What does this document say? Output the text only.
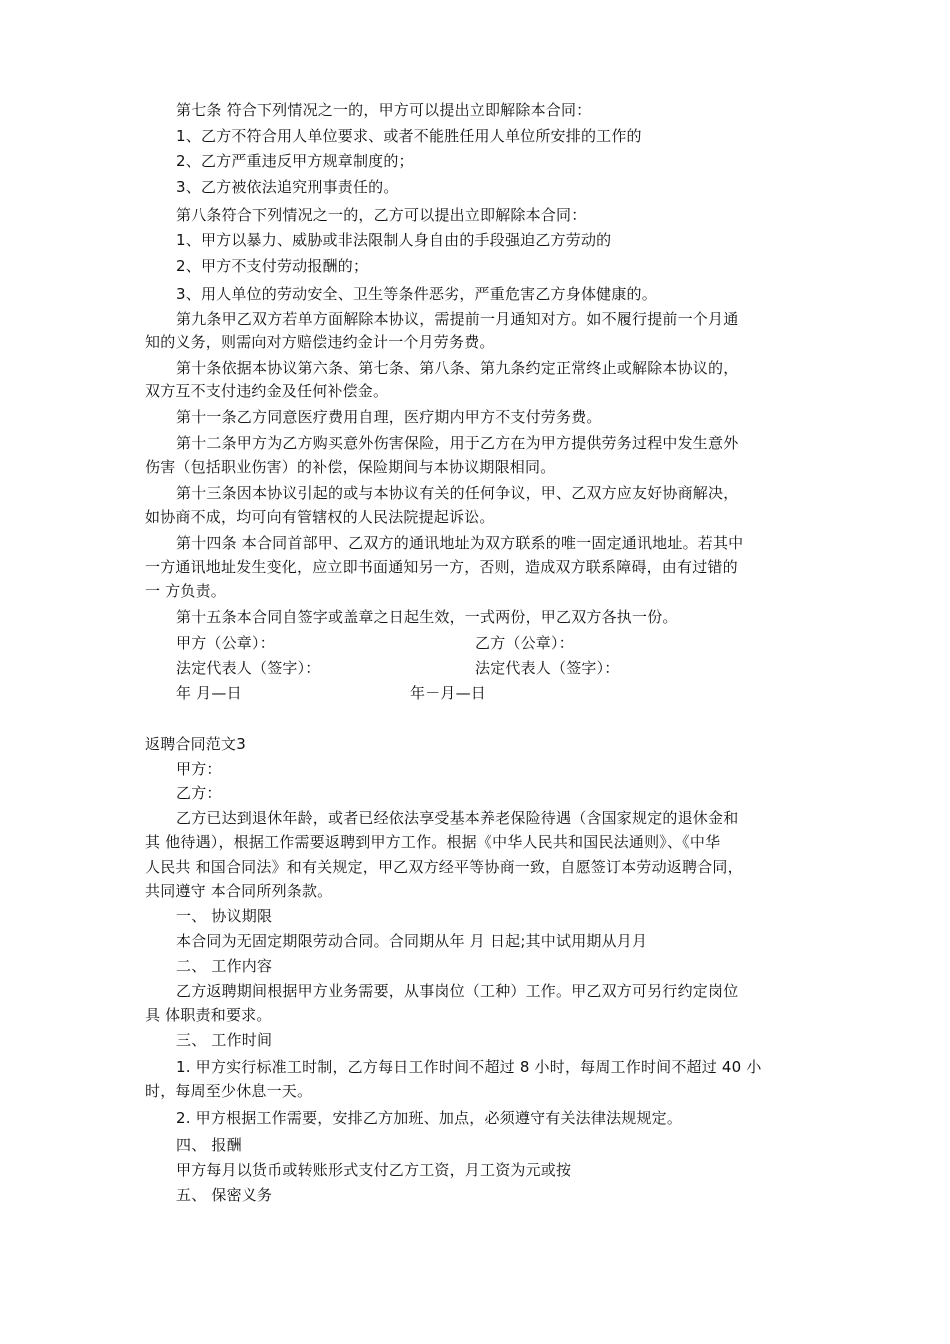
第七条 符合下列情况之一的，甲方可以提出立即解除本合同：
1、乙方不符合用人单位要求、或者不能胜任用人单位所安排的工作的
2、乙方严重违反甲方规章制度的；
3、乙方被依法追究刑事责任的。
第八条符合下列情况之一的，乙方可以提出立即解除本合同：
1、甲方以暴力、威胁或非法限制人身自由的手段强迫乙方劳动的
2、甲方不支付劳动报酬的；
3、用人单位的劳动安全、卫生等条件恶劣，严重危害乙方身体健康的。
第九条甲乙双方若单方面解除本协议，需提前一月通知对方。如不履行提前一个月通
知的义务，则需向对方赔偿违约金计一个月劳务费。
第十条依据本协议第六条、第七条、第八条、第九条约定正常终止或解除本协议的，
双方互不支付违约金及任何补偿金。
第十一条乙方同意医疗费用自理，医疗期内甲方不支付劳务费。
第十二条甲方为乙方购买意外伤害保险，用于乙方在为甲方提供劳务过程中发生意外
伤害（包括职业伤害）的补偿，保险期间与本协议期限相同。
第十三条因本协议引起的或与本协议有关的任何争议，甲、乙双方应友好协商解决，
如协商不成，均可向有管辖权的人民法院提起诉讼。
第十四条 本合同首部甲、乙双方的通讯地址为双方联系的唯一固定通讯地址。若其中
一方通讯地址发生变化，应立即书面通知另一方，否则，造成双方联系障碍，由有过错的
一 方负责。
第十五条本合同自签字或盖章之日起生效，一式两份，甲乙双方各执一份。
甲方（公章）：	乙方（公章）：
法定代表人（签字）：	法定代表人（签字）：
年 月—日	年－月—日
返聘合同范文3
甲方：
乙方：
乙方已达到退休年龄，或者已经依法享受基本养老保险待遇（含国家规定的退休金和
其 他待遇），根据工作需要返聘到甲方工作。根据《中华人民共和国民法通则》、《中华
人民共 和国合同法》和有关规定，甲乙双方经平等协商一致，自愿签订本劳动返聘合同，
共同遵守 本合同所列条款。
一、 协议期限
本合同为无固定期限劳动合同。合同期从年 月 日起;其中试用期从月月
二、 工作内容
乙方返聘期间根据甲方业务需要，从事岗位（工种）工作。甲乙双方可另行约定岗位
具 体职责和要求。
三、 工作时间
1. 甲方实行标准工时制，乙方每日工作时间不超过 8 小时，每周工作时间不超过 40 小
时，每周至少休息一天。
2. 甲方根据工作需要，安排乙方加班、加点，必须遵守有关法律法规规定。
四、 报酬
甲方每月以货币或转账形式支付乙方工资，月工资为元或按
五、 保密义务
